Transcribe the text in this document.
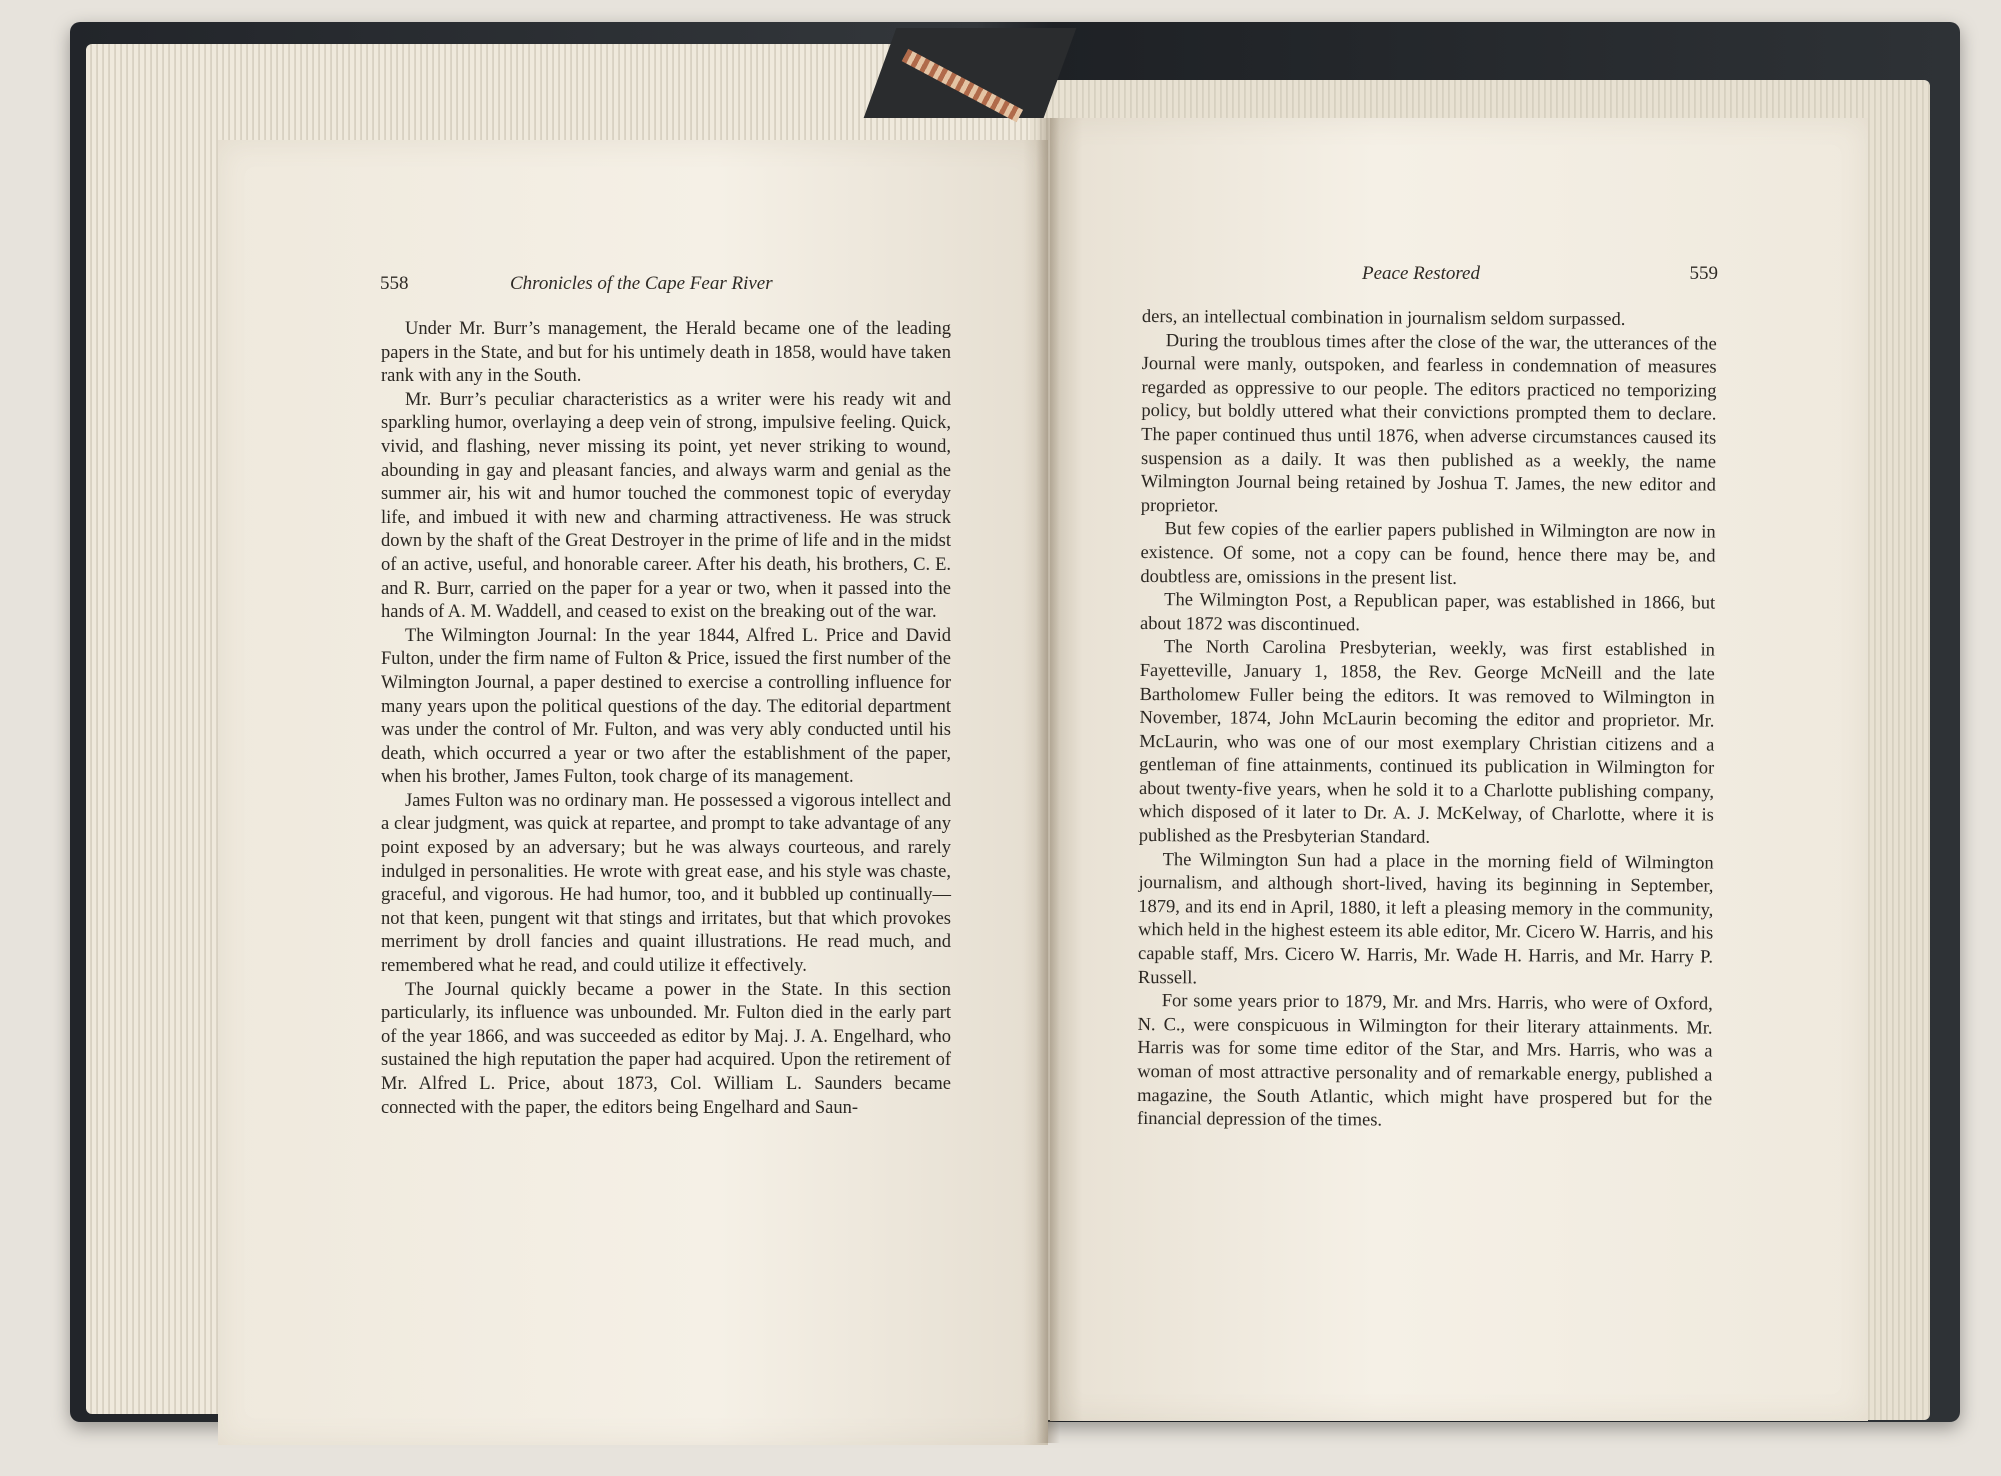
558	Chronicles of the Cape Fear River	Peace Restored	559

Under Mr. Burr’s management, the Herald became one of the leading papers in the State, and but for his untimely death in 1858, would have taken rank with any in the South.

Mr. Burr’s peculiar characteristics as a writer were his ready wit and sparkling humor, overlaying a deep vein of strong, impulsive feeling. Quick, vivid, and flashing, never missing its point, yet never striking to wound, abounding in gay and pleasant fancies, and always warm and genial as the summer air, his wit and humor touched the commonest topic of everyday life, and imbued it with new and charming attractiveness. He was struck down by the shaft of the Great Destroyer in the prime of life and in the midst of an active, useful, and honorable career. After his death, his brothers, C. E. and R. Burr, carried on the paper for a year or two, when it passed into the hands of A. M. Waddell, and ceased to exist on the breaking out of the war.

The Wilmington Journal: In the year 1844, Alfred L. Price and David Fulton, under the firm name of Fulton & Price, issued the first number of the Wilmington Journal, a paper destined to exercise a controlling influence for many years upon the political questions of the day. The editorial department was under the control of Mr. Fulton, and was very ably conducted until his death, which occurred a year or two after the establishment of the paper, when his brother, James Fulton, took charge of its management.

James Fulton was no ordinary man. He possessed a vigorous intellect and a clear judgment, was quick at repartee, and prompt to take advantage of any point exposed by an adversary; but he was always courteous, and rarely indulged in personalities. He wrote with great ease, and his style was chaste, graceful, and vigorous. He had humor, too, and it bubbled up continually—not that keen, pungent wit that stings and irritates, but that which provokes merriment by droll fancies and quaint illustrations. He read much, and remembered what he read, and could utilize it effectively.

The Journal quickly became a power in the State. In this section particularly, its influence was unbounded. Mr. Fulton died in the early part of the year 1866, and was succeeded as editor by Maj. J. A. Engelhard, who sustained the high reputation the paper had acquired. Upon the retirement of Mr. Alfred L. Price, about 1873, Col. William L. Saunders became connected with the paper, the editors being Engelhard and Saun-

ders, an intellectual combination in journalism seldom surpassed.

During the troublous times after the close of the war, the utterances of the Journal were manly, outspoken, and fearless in condemnation of measures regarded as oppressive to our people. The editors practiced no temporizing policy, but boldly uttered what their convictions prompted them to declare. The paper continued thus until 1876, when adverse circumstances caused its suspension as a daily. It was then published as a weekly, the name Wilmington Journal being retained by Joshua T. James, the new editor and proprietor.

But few copies of the earlier papers published in Wilmington are now in existence. Of some, not a copy can be found, hence there may be, and doubtless are, omissions in the present list.

The Wilmington Post, a Republican paper, was established in 1866, but about 1872 was discontinued.

The North Carolina Presbyterian, weekly, was first established in Fayetteville, January 1, 1858, the Rev. George McNeill and the late Bartholomew Fuller being the editors. It was removed to Wilmington in November, 1874, John McLaurin becoming the editor and proprietor. Mr. McLaurin, who was one of our most exemplary Christian citizens and a gentleman of fine attainments, continued its publication in Wilmington for about twenty-five years, when he sold it to a Charlotte publishing company, which disposed of it later to Dr. A. J. McKelway, of Charlotte, where it is published as the Presbyterian Standard.

The Wilmington Sun had a place in the morning field of Wilmington journalism, and although short-lived, having its beginning in September, 1879, and its end in April, 1880, it left a pleasing memory in the community, which held in the highest esteem its able editor, Mr. Cicero W. Harris, and his capable staff, Mrs. Cicero W. Harris, Mr. Wade H. Harris, and Mr. Harry P. Russell.

For some years prior to 1879, Mr. and Mrs. Harris, who were of Oxford, N. C., were conspicuous in Wilmington for their literary attainments. Mr. Harris was for some time editor of the Star, and Mrs. Harris, who was a woman of most attractive personality and of remarkable energy, published a magazine, the South Atlantic, which might have prospered but for the financial depression of the times.
